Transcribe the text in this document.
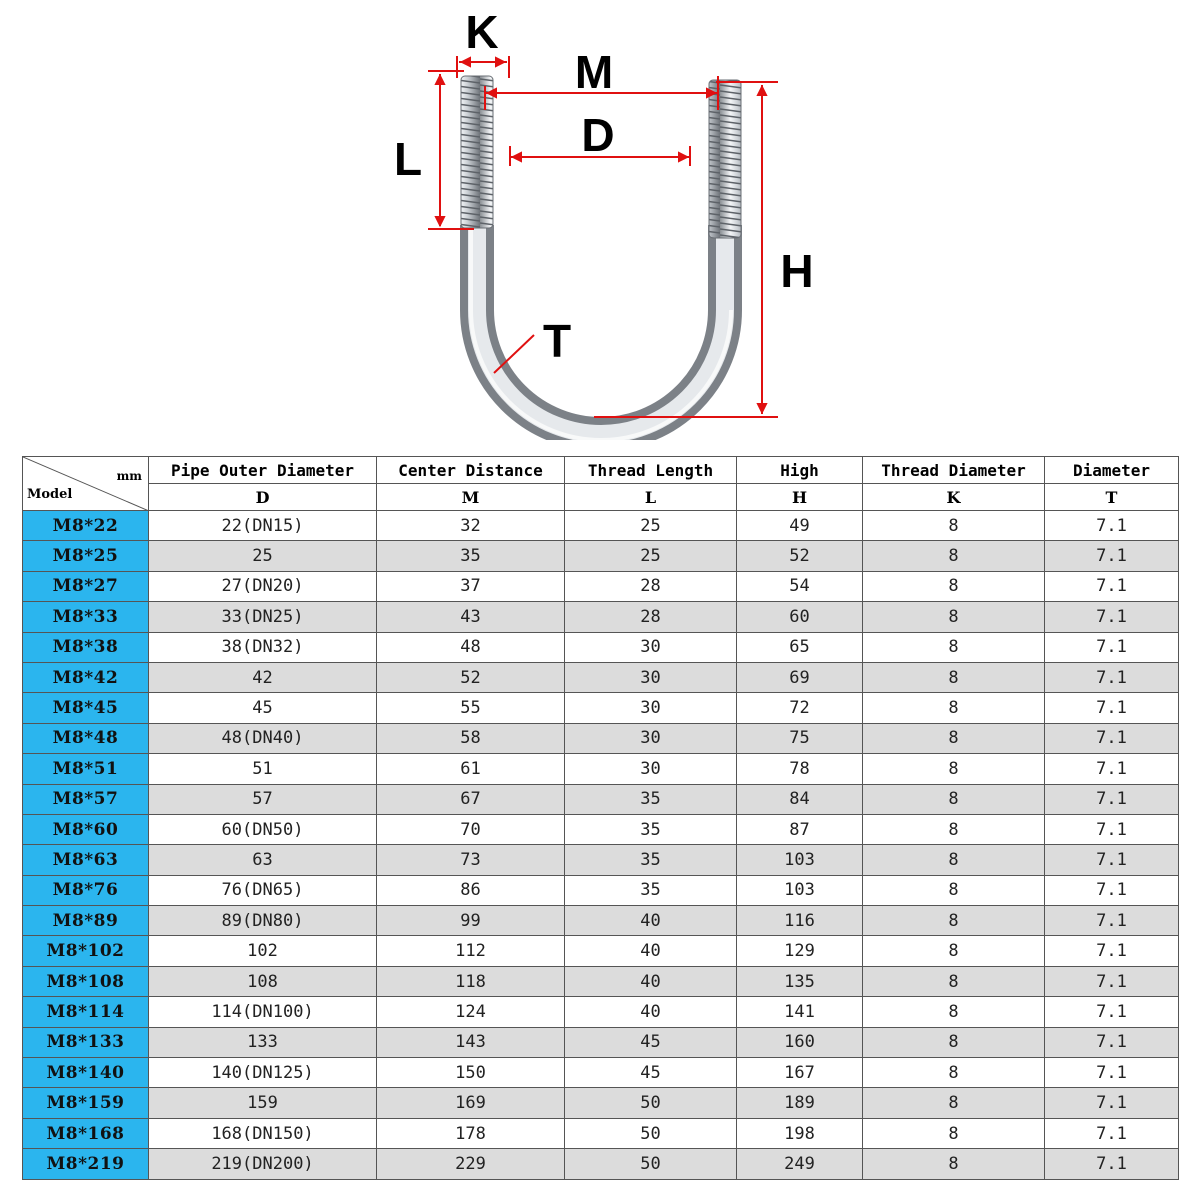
K
M
D
L
H
T
mm
Model	Pipe Outer Diameter	Center Distance	Thread Length	High	Thread Diameter	Diameter
	D	M	L	H	K	T
M8*22	22(DN15)	32	25	49	8	7.1
M8*25	25	35	25	52	8	7.1
M8*27	27(DN20)	37	28	54	8	7.1
M8*33	33(DN25)	43	28	60	8	7.1
M8*38	38(DN32)	48	30	65	8	7.1
M8*42	42	52	30	69	8	7.1
M8*45	45	55	30	72	8	7.1
M8*48	48(DN40)	58	30	75	8	7.1
M8*51	51	61	30	78	8	7.1
M8*57	57	67	35	84	8	7.1
M8*60	60(DN50)	70	35	87	8	7.1
M8*63	63	73	35	103	8	7.1
M8*76	76(DN65)	86	35	103	8	7.1
M8*89	89(DN80)	99	40	116	8	7.1
M8*102	102	112	40	129	8	7.1
M8*108	108	118	40	135	8	7.1
M8*114	114(DN100)	124	40	141	8	7.1
M8*133	133	143	45	160	8	7.1
M8*140	140(DN125)	150	45	167	8	7.1
M8*159	159	169	50	189	8	7.1
M8*168	168(DN150)	178	50	198	8	7.1
M8*219	219(DN200)	229	50	249	8	7.1
